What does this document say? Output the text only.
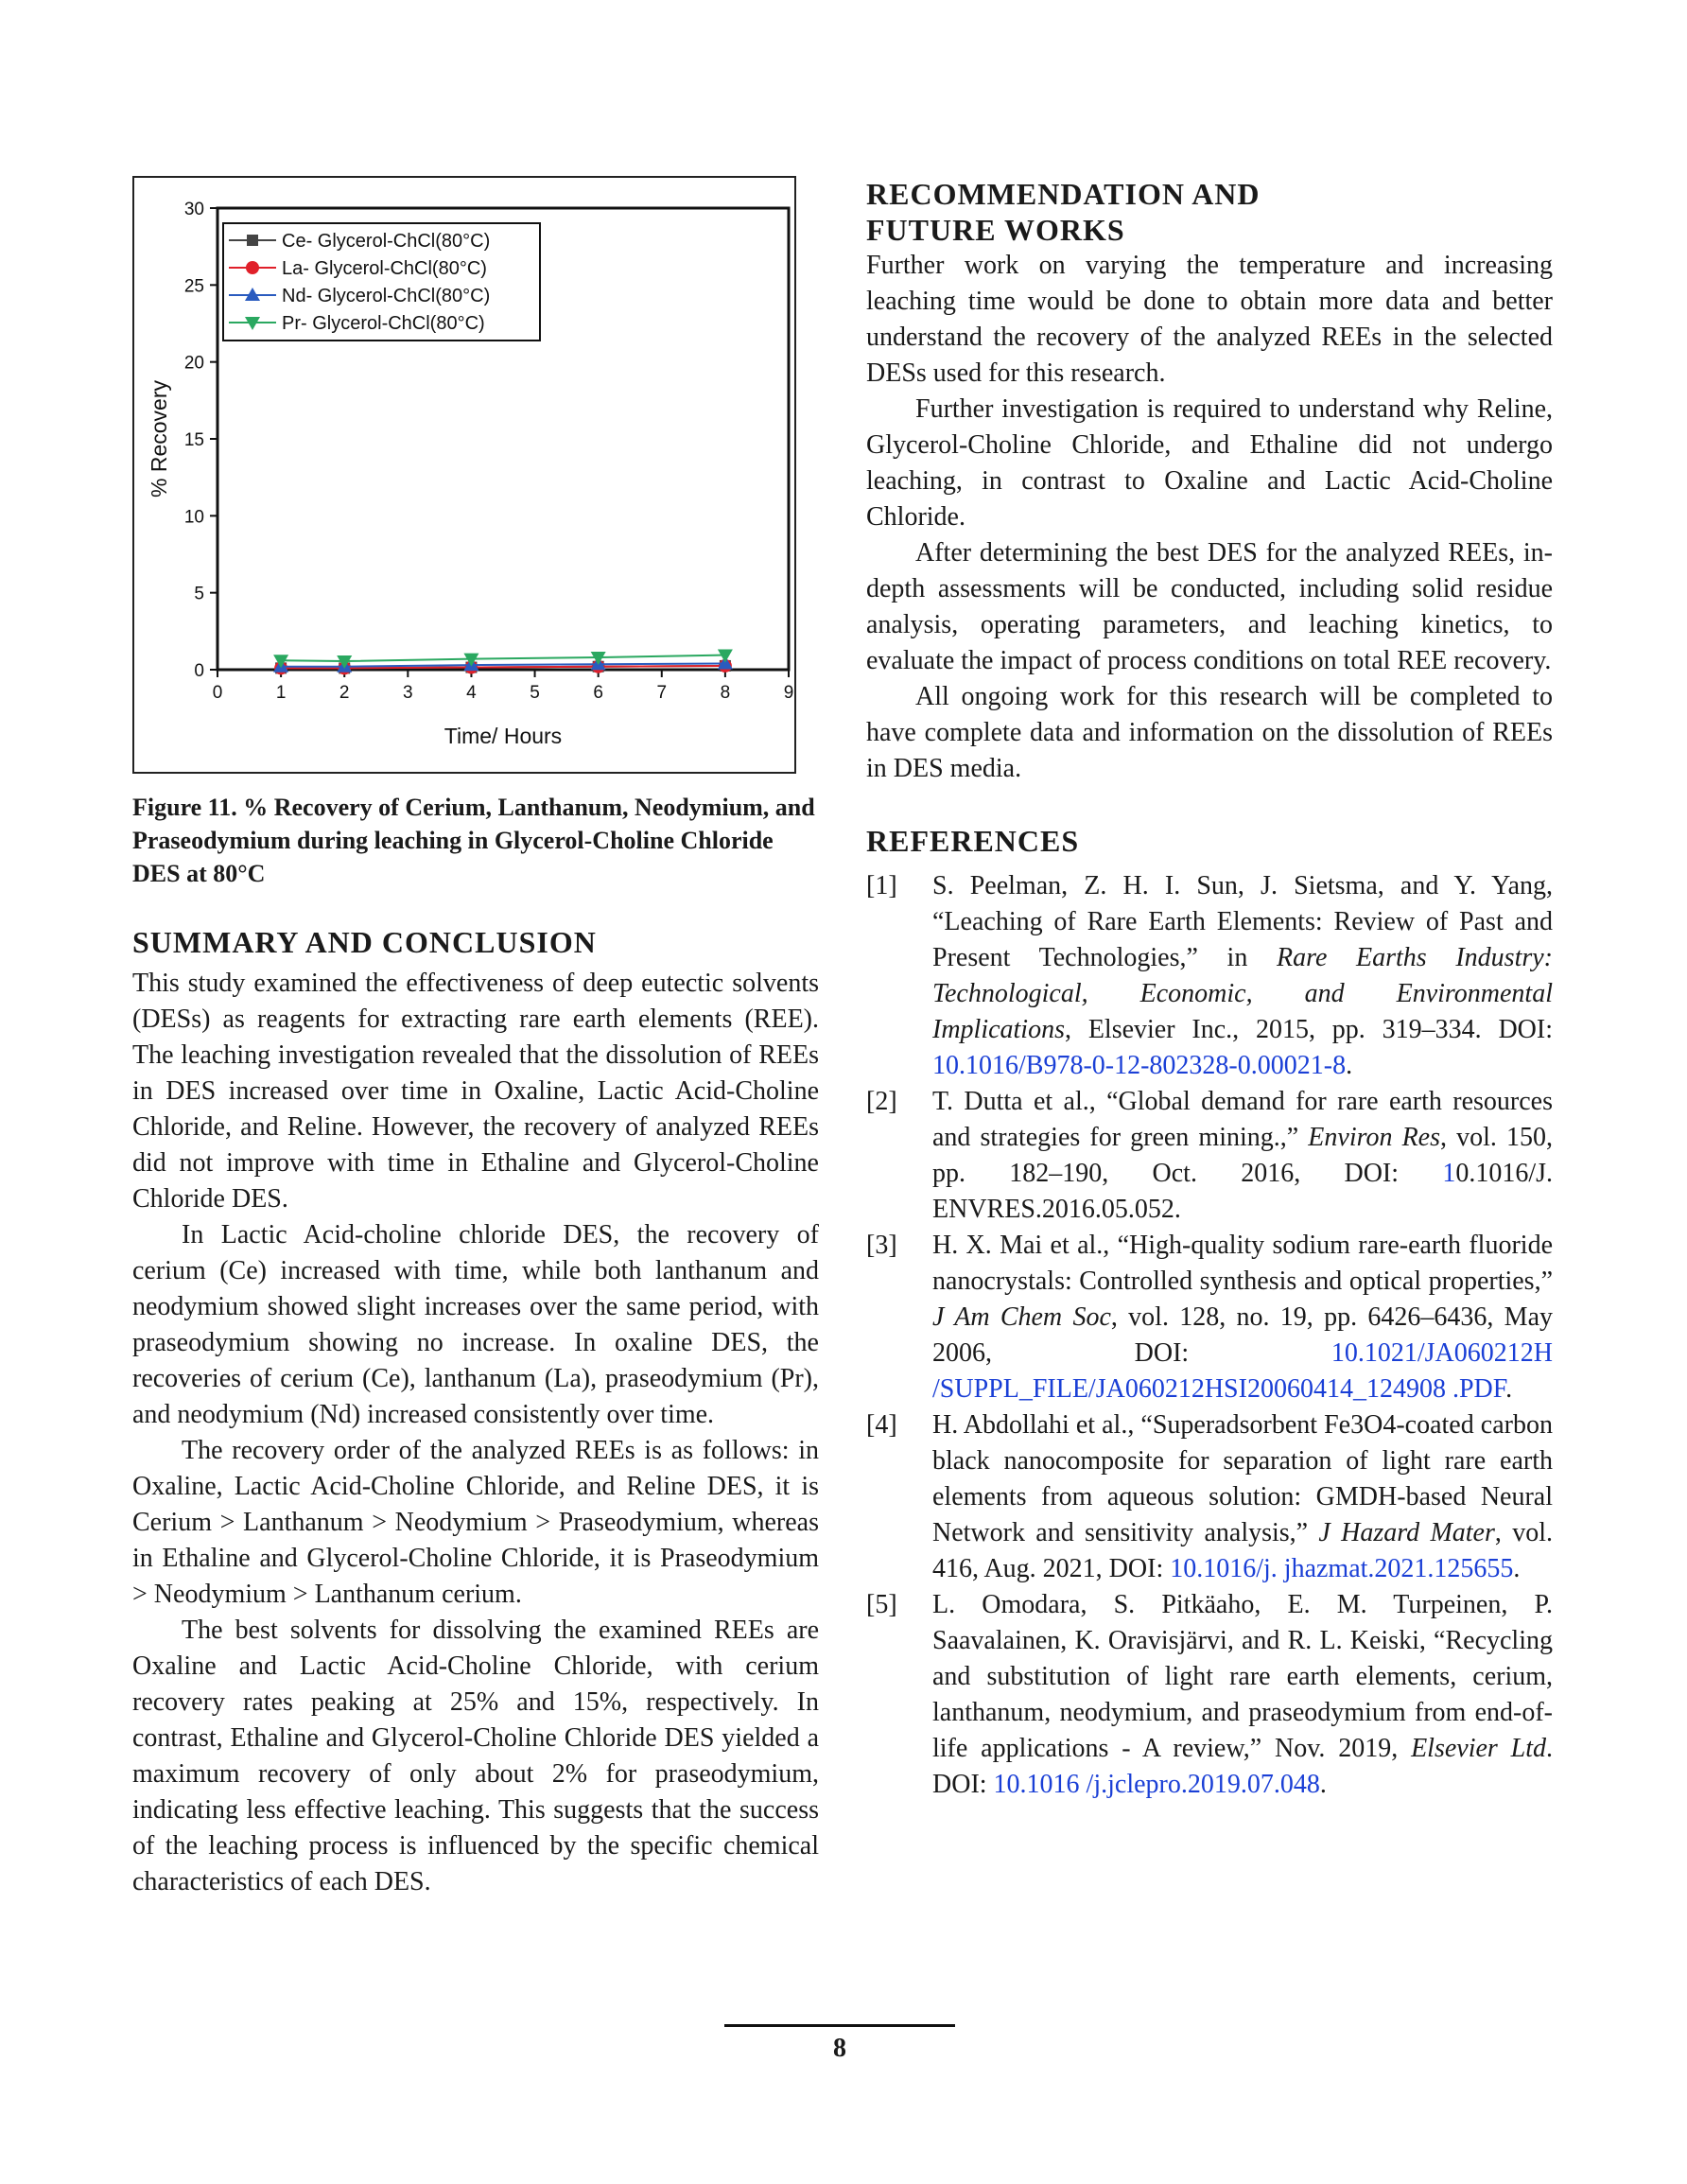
0	1	2	3	4	5	6	7	8	9
0
5
10
15
20
25
30
Time/ Hours
% Recovery
Ce- Glycerol-ChCl(80°C)
La- Glycerol-ChCl(80°C)
Nd- Glycerol-ChCl(80°C)
Pr- Glycerol-ChCl(80°C)
Figure 11. % Recovery of Cerium, Lanthanum, Neodymium, and Praseodymium during leaching in Glycerol-Choline Chloride DES at 80°C
SUMMARY AND CONCLUSION

This study examined the effectiveness of deep eutectic solvents (DESs) as reagents for extracting rare earth elements (REE). The leaching investigation revealed that the dissolution of REEs in DES increased over time in Oxaline, Lactic Acid-Choline Chloride, and Reline. However, the recovery of analyzed REEs did not improve with time in Ethaline and Glycerol-Choline Chloride DES.

In Lactic Acid-choline chloride DES, the recovery of cerium (Ce) increased with time, while both lanthanum and neodymium showed slight increases over the same period, with praseodymium showing no increase. In oxaline DES, the recoveries of cerium (Ce), lanthanum (La), praseodymium (Pr), and neodymium (Nd) increased consistently over time.

The recovery order of the analyzed REEs is as follows: in Oxaline, Lactic Acid-Choline Chloride, and Reline DES, it is Cerium > Lanthanum > Neodymium > Praseodymium, whereas in Ethaline and Glycerol-Choline Chloride, it is Praseodymium > Neodymium > Lanthanum cerium.

The best solvents for dissolving the examined REEs are Oxaline and Lactic Acid-Choline Chloride, with cerium recovery rates peaking at 25% and 15%, respectively. In contrast, Ethaline and Glycerol-Choline Chloride DES yielded a maximum recovery of only about 2% for praseodymium, indicating less effective leaching. This suggests that the success of the leaching process is influenced by the specific chemical characteristics of each DES.

RECOMMENDATION AND
FUTURE WORKS

Further work on varying the temperature and increasing leaching time would be done to obtain more data and better understand the recovery of the analyzed REEs in the selected DESs used for this research.

Further investigation is required to understand why Reline, Glycerol-Choline Chloride, and Ethaline did not undergo leaching, in contrast to Oxaline and Lactic Acid-Choline Chloride.

After determining the best DES for the analyzed REEs, in-depth assessments will be conducted, including solid residue analysis, operating parameters, and leaching kinetics, to evaluate the impact of process conditions on total REE recovery.

All ongoing work for this research will be completed to have complete data and information on the dissolution of REEs in DES media.

REFERENCES
[1]	S. Peelman, Z. H. I. Sun, J. Sietsma, and Y. Yang, “Leaching of Rare Earth Elements: Review of Past and Present Technologies,” in Rare Earths Industry: Technological, Economic, and Environmental Implications, Elsevier Inc., 2015, pp. 319–334. DOI: 10.1016/B978-0-12-802328-0.00021-8.
[2]	T. Dutta et al., “Global demand for rare earth resources and strategies for green mining.,” Environ Res, vol. 150, pp. 182–190, Oct. 2016, DOI: 10.1016/J. ENVRES.2016.05.052.
[3]	H. X. Mai et al., “High-quality sodium rare-earth fluoride nanocrystals: Controlled synthesis and optical properties,” J Am Chem Soc, vol. 128, no. 19, pp. 6426–6436, May 2006, DOI: 10.1021/JA060212H /SUPPL_FILE/JA060212HSI20060414_124908 .PDF.
[4]	H. Abdollahi et al., “Superadsorbent Fe3O4-coated carbon black nanocomposite for separation of light rare earth elements from aqueous solution: GMDH-based Neural Network and sensitivity analysis,” J Hazard Mater, vol. 416, Aug. 2021, DOI: 10.1016/j. jhazmat.2021.125655.
[5]	L. Omodara, S. Pitkäaho, E. M. Turpeinen, P. Saavalainen, K. Oravisjärvi, and R. L. Keiski, “Recycling and substitution of light rare earth elements, cerium, lanthanum, neodymium, and praseodymium from end-of-life applications - A review,” Nov. 2019, Elsevier Ltd. DOI: 10.1016 /j.jclepro.2019.07.048.
8
